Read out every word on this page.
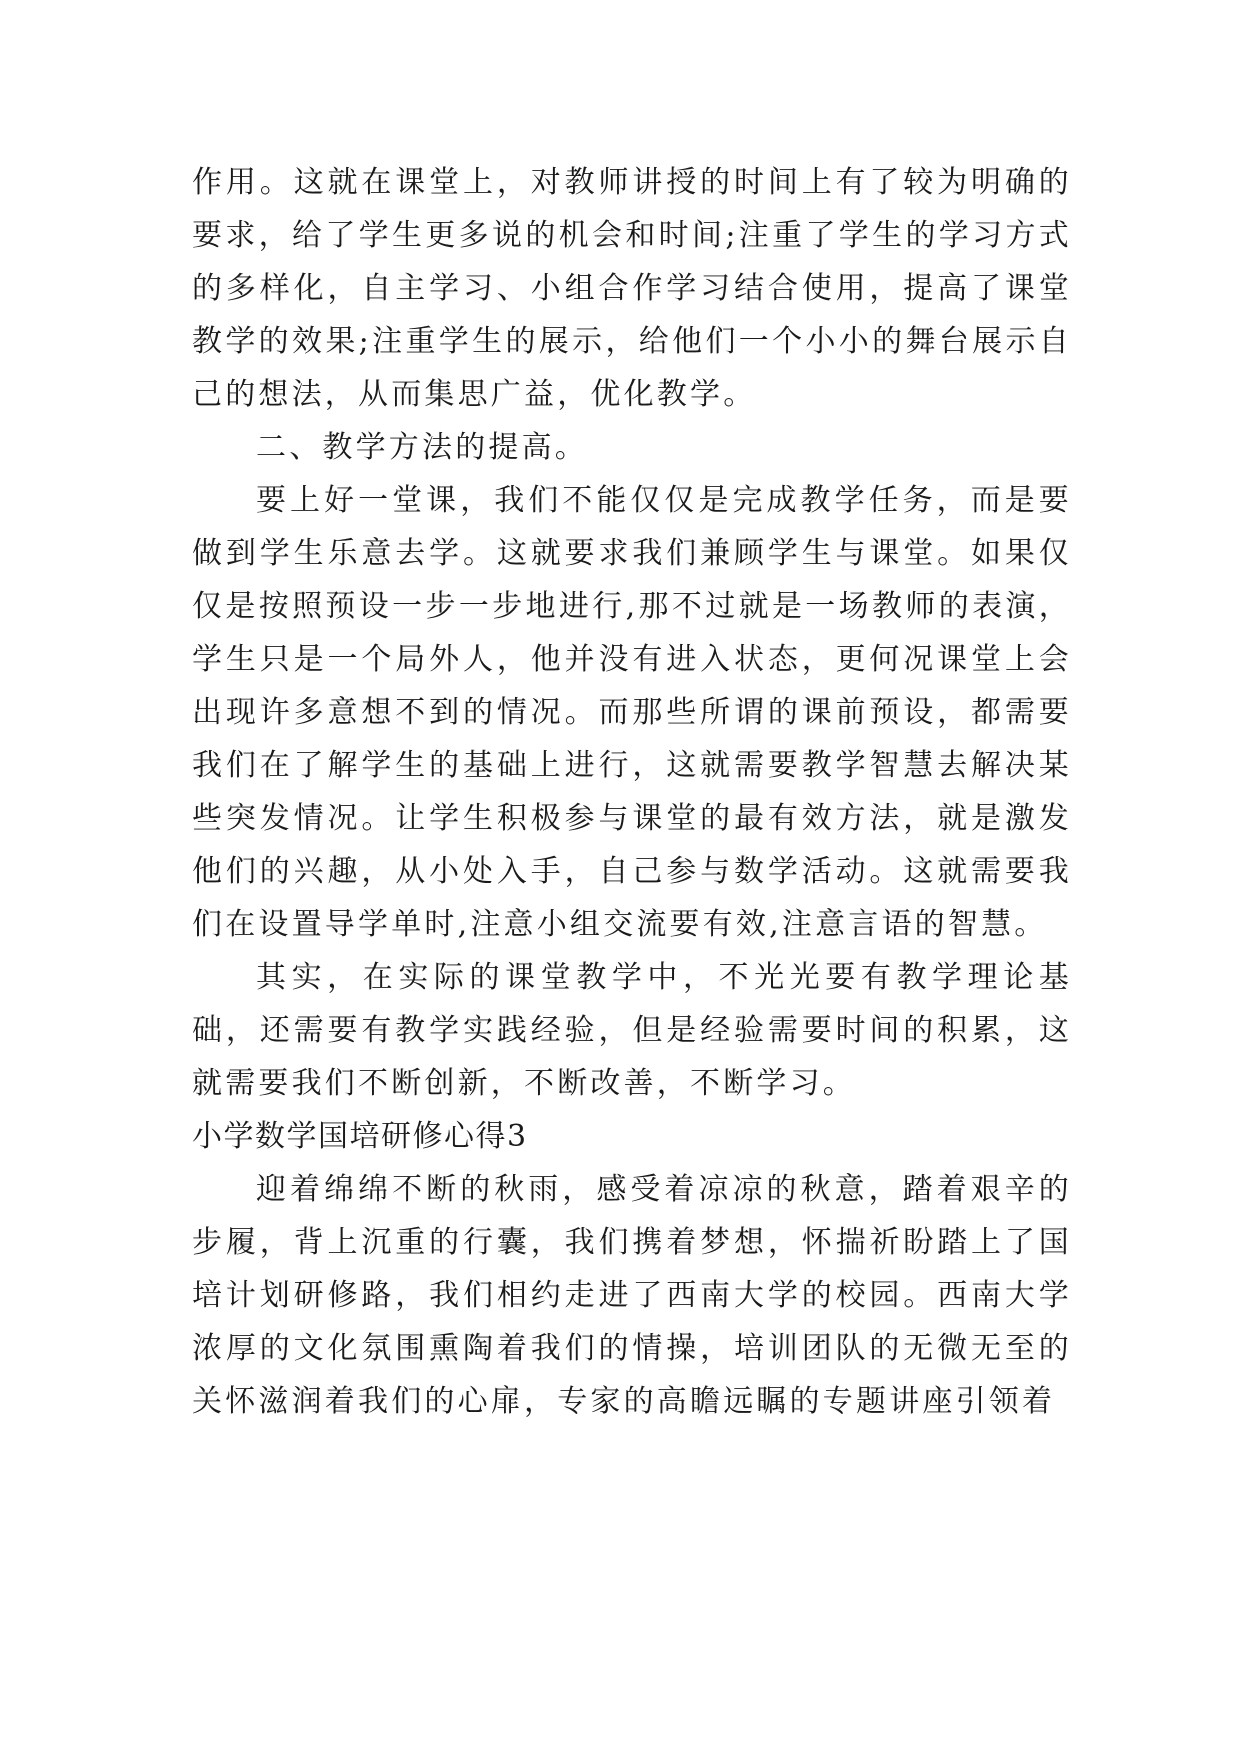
作用。这就在课堂上，对教师讲授的时间上有了较为明确的要求，给了学生更多说的机会和时间;注重了学生的学习方式的多样化，自主学习、小组合作学习结合使用，提高了课堂教学的效果;注重学生的展示，给他们一个小小的舞台展示自己的想法，从而集思广益，优化教学。

二、教学方法的提高。

要上好一堂课，我们不能仅仅是完成教学任务，而是要做到学生乐意去学。这就要求我们兼顾学生与课堂。如果仅仅是按照预设一步一步地进行,那不过就是一场教师的表演，学生只是一个局外人，他并没有进入状态，更何况课堂上会出现许多意想不到的情况。而那些所谓的课前预设，都需要我们在了解学生的基础上进行，这就需要教学智慧去解决某些突发情况。让学生积极参与课堂的最有效方法，就是激发他们的兴趣，从小处入手，自己参与数学活动。这就需要我们在设置导学单时,注意小组交流要有效,注意言语的智慧。

其实，在实际的课堂教学中，不光光要有教学理论基础，还需要有教学实践经验，但是经验需要时间的积累，这就需要我们不断创新，不断改善，不断学习。

小学数学国培研修心得3

迎着绵绵不断的秋雨，感受着凉凉的秋意，踏着艰辛的步履，背上沉重的行囊，我们携着梦想，怀揣祈盼踏上了国培计划研修路，我们相约走进了西南大学的校园。西南大学浓厚的文化氛围熏陶着我们的情操，培训团队的无微无至的关怀滋润着我们的心扉，专家的高瞻远瞩的专题讲座引领着
